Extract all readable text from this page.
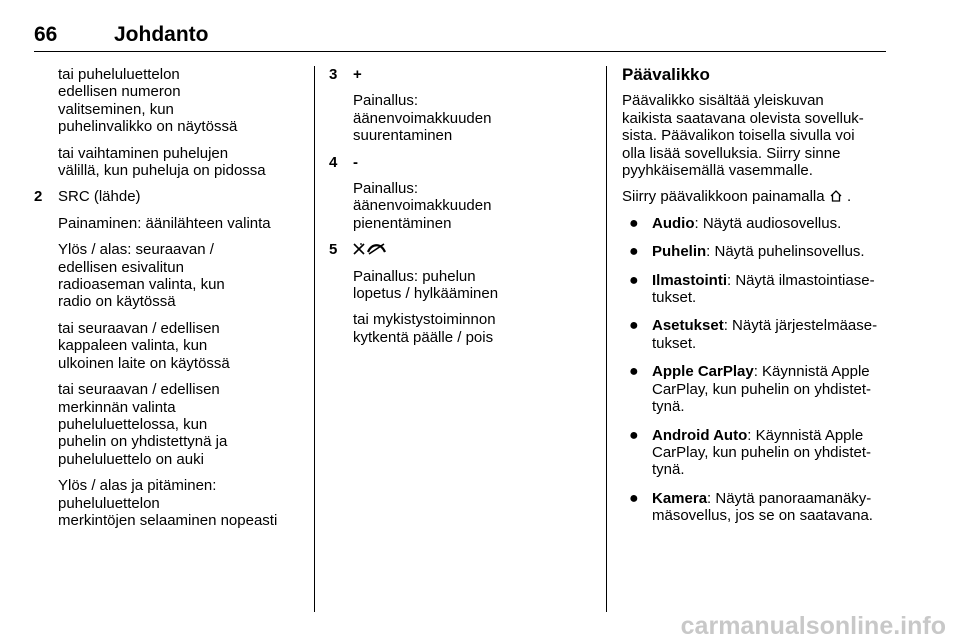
66	Johdanto

tai puheluluettelon
edellisen numeron
valitseminen, kun
puhelinvalikko on näytössä

tai vaihtaminen puhelujen
välillä, kun puheluja on pidossa

2 SRC (lähde)

Painaminen: äänilähteen valinta

Ylös / alas: seuraavan /
edellisen esivalitun
radioaseman valinta, kun
radio on käytössä

tai seuraavan / edellisen
kappaleen valinta, kun
ulkoinen laite on käytössä

tai seuraavan / edellisen
merkinnän valinta
puheluluettelossa, kun
puhelin on yhdistettynä ja
puheluluettelo on auki

Ylös / alas ja pitäminen:
puheluluettelon
merkintöjen selaaminen nopeasti

3 +

Painallus:
äänenvoimakkuuden
suurentaminen

4 -

Painallus:
äänenvoimakkuuden
pienentäminen

5

Painallus: puhelun
lopetus / hylkääminen

tai mykistystoiminnon
kytkentä päälle / pois

Päävalikko

Päävalikko sisältää yleiskuvan
kaikista saatavana olevista sovelluk-
sista. Päävalikon toisella sivulla voi
olla lisää sovelluksia. Siirry sinne
pyyhkäisemällä vasemmalle.

Siirry päävalikkoon painamalla .

● Audio: Näytä audiosovellus.
● Puhelin: Näytä puhelinsovellus.
● Ilmastointi: Näytä ilmastointiase-
tukset.
● Asetukset: Näytä järjestelmäase-
tukset.
● Apple CarPlay: Käynnistä Apple
CarPlay, kun puhelin on yhdistet-
tynä.
● Android Auto: Käynnistä Apple
CarPlay, kun puhelin on yhdistet-
tynä.
● Kamera: Näytä panoraamanäky-
mäsovellus, jos se on saatavana.
carmanualsonline.info
